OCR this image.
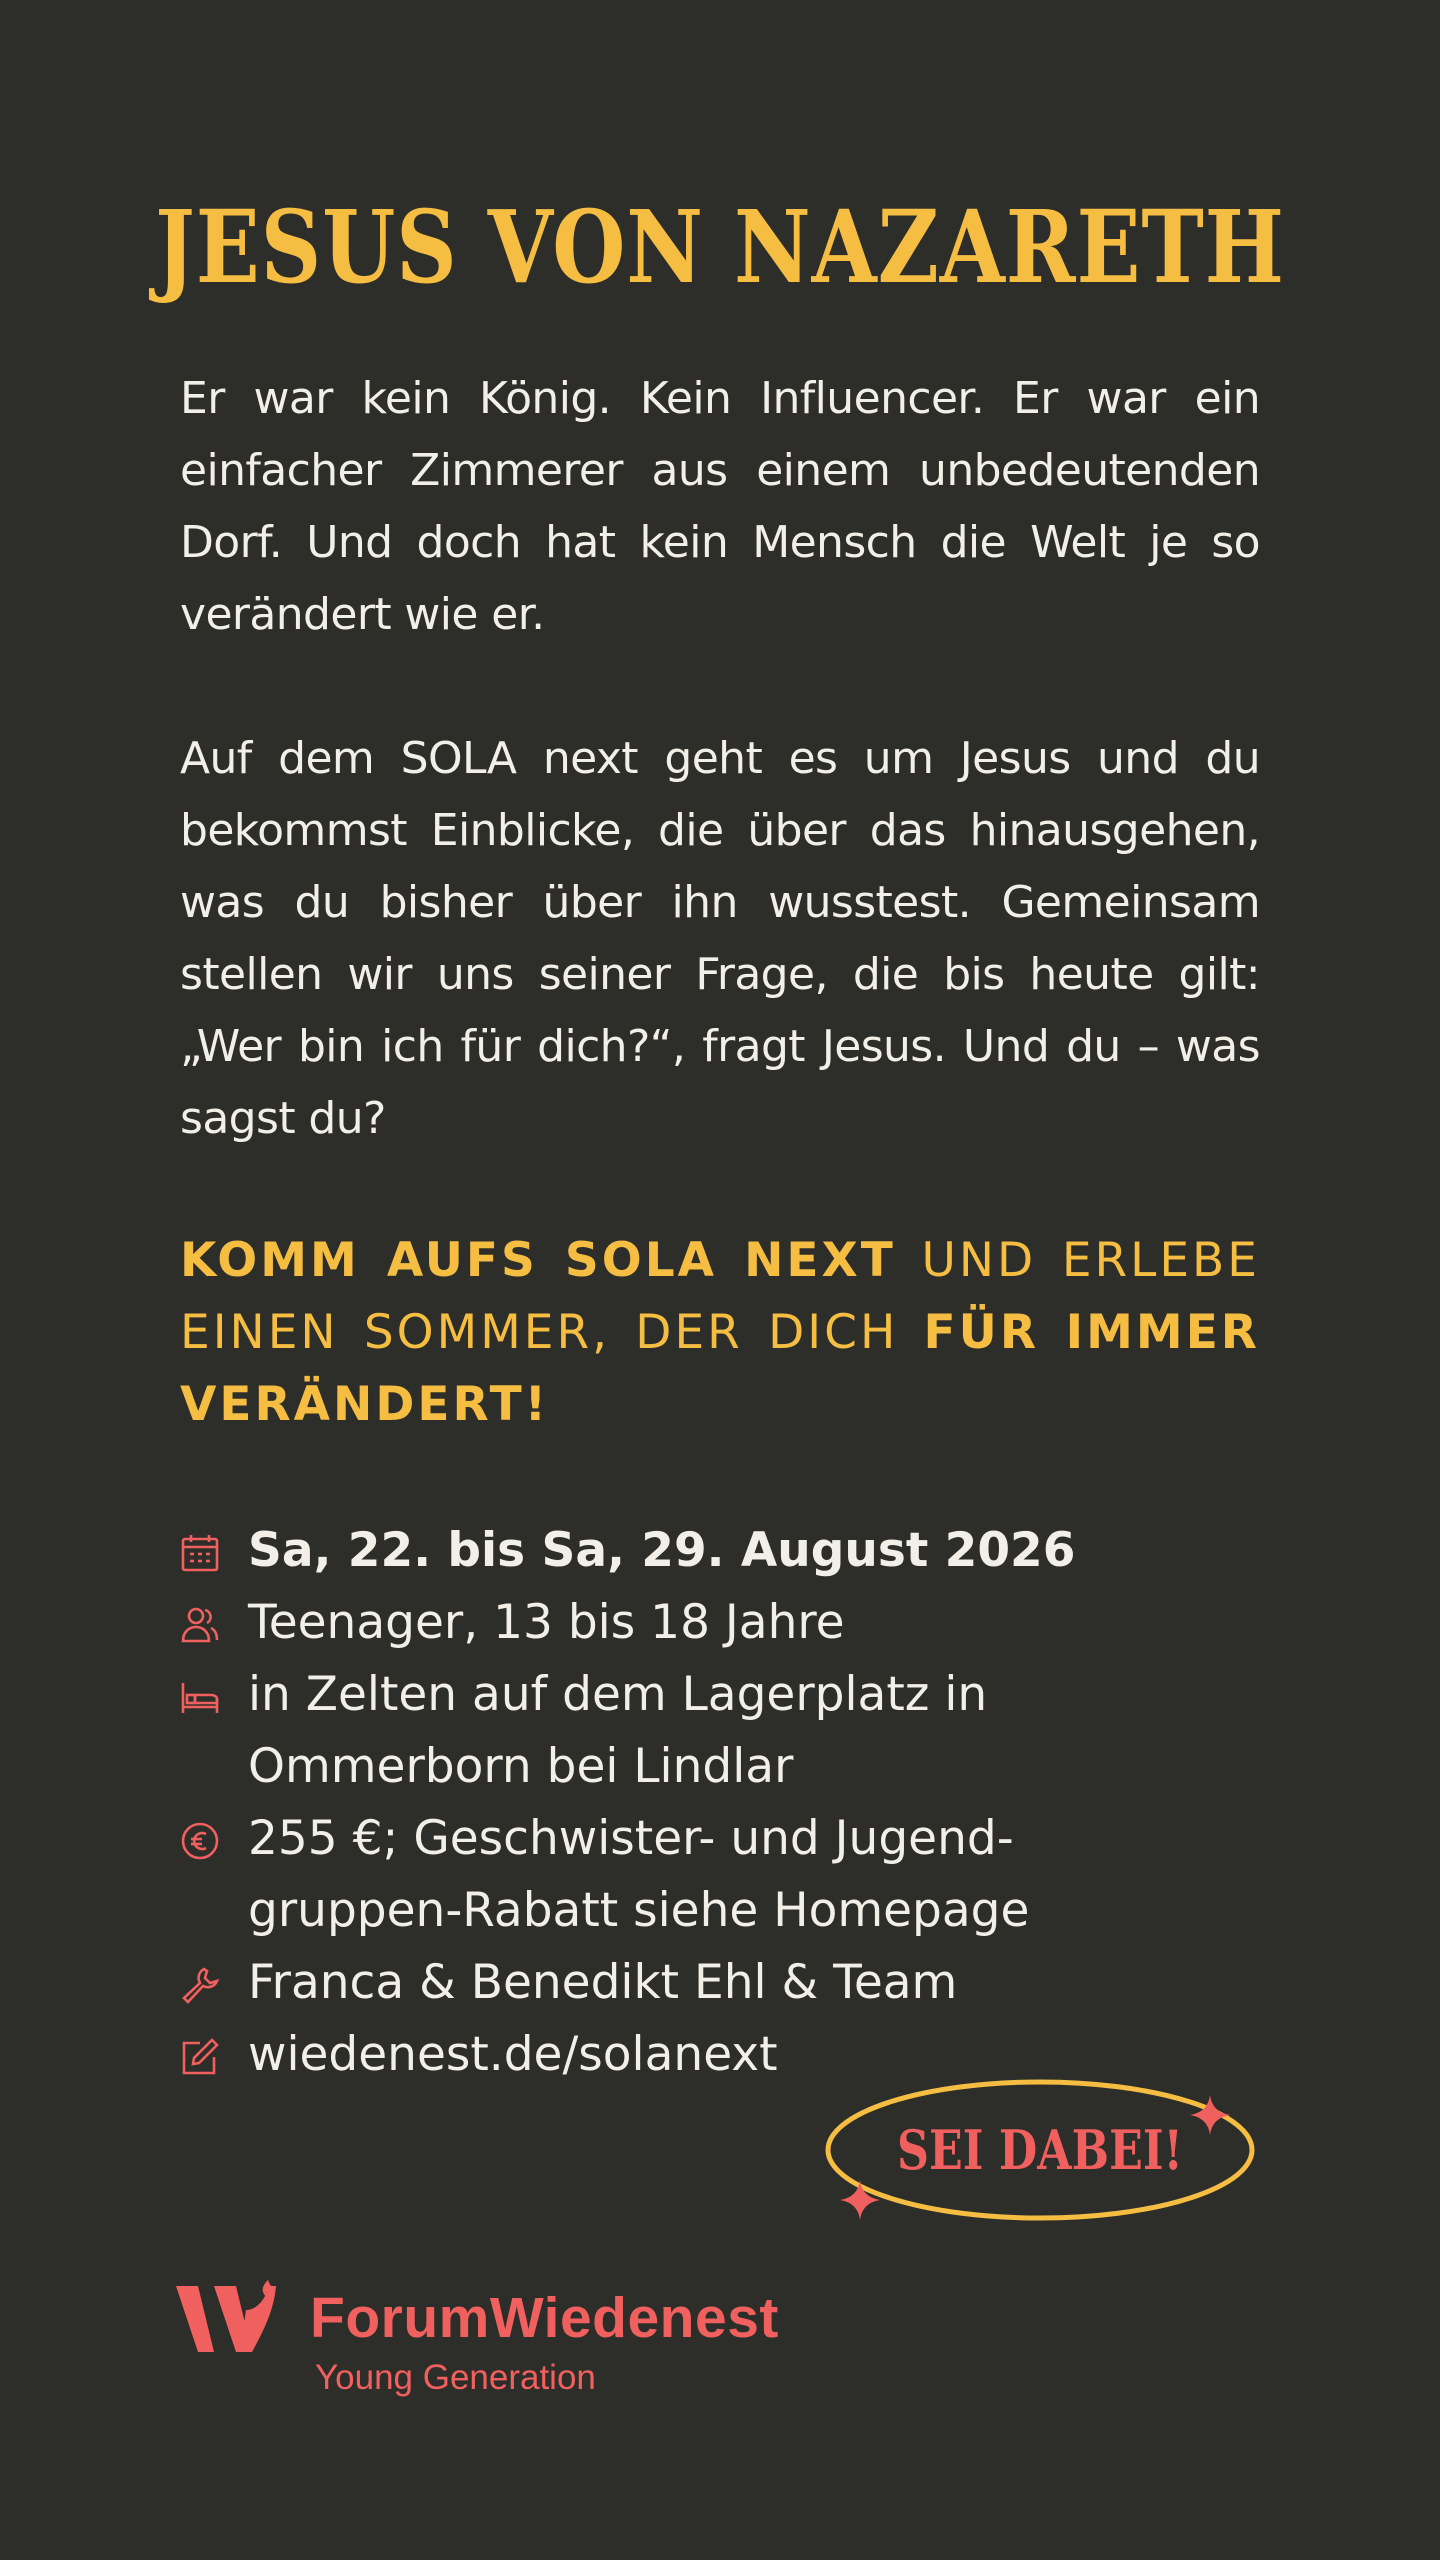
JESUS VON NAZARETH

Er war kein König. Kein Influencer. Er war ein einfacher Zimmerer aus einem unbedeutenden Dorf. Und doch hat kein Mensch die Welt je so verändert wie er.

Auf dem SOLA next geht es um Jesus und du bekommst Einblicke, die über das hinausgehen, was du bisher über ihn wusstest. Gemeinsam stellen wir uns seiner Frage, die bis heute gilt: „Wer bin ich für dich?“, fragt Jesus. Und du – was sagst du?

KOMM AUFS SOLA NEXT UND ERLEBE EINEN SOMMER, DER DICH FÜR IMMER VERÄNDERT!

Sa, 22. bis Sa, 29. August 2026
Teenager, 13 bis 18 Jahre
in Zelten auf dem Lagerplatz in Ommerborn bei Lindlar
255 €; Geschwister- und Jugendgruppen-Rabatt siehe Homepage
Franca & Benedikt Ehl & Team
wiedenest.de/solanext
SEI DABEI!
ForumWiedenest
Young Generation
